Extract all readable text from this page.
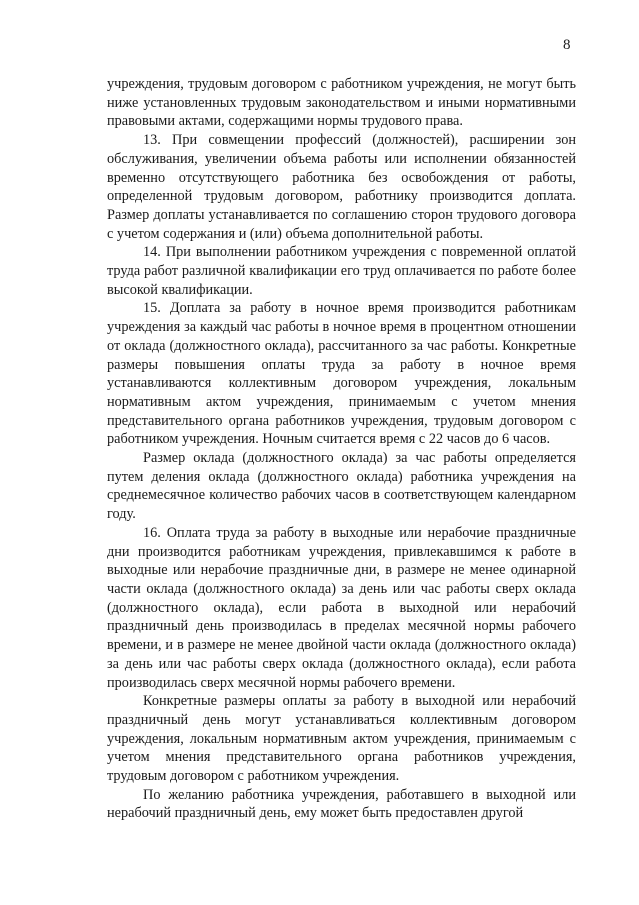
8

учреждения, трудовым договором с работником учреждения, не могут быть ниже установленных трудовым законодательством и иными нормативными правовыми актами, содержащими нормы трудового права.

13. При совмещении профессий (должностей), расширении зон обслуживания, увеличении объема работы или исполнении обязанностей временно отсутствующего работника без освобождения от работы, определенной трудовым договором, работнику производится доплата. Размер доплаты устанавливается по соглашению сторон трудового договора с учетом содержания и (или) объема дополнительной работы.

14. При выполнении работником учреждения с повременной оплатой труда работ различной квалификации его труд оплачивается по работе более высокой квалификации.

15. Доплата за работу в ночное время производится работникам учреждения за каждый час работы в ночное время в процентном отношении от оклада (должностного оклада), рассчитанного за час работы. Конкретные размеры повышения оплаты труда за работу в ночное время устанавливаются коллективным договором учреждения, локальным нормативным актом учреждения, принимаемым с учетом мнения представительного органа работников учреждения, трудовым договором с работником учреждения. Ночным считается время с 22 часов до 6 часов.

Размер оклада (должностного оклада) за час работы определяется путем деления оклада (должностного оклада) работника учреждения на среднемесячное количество рабочих часов в соответствующем календарном году.

16. Оплата труда за работу в выходные или нерабочие праздничные дни производится работникам учреждения, привлекавшимся к работе в выходные или нерабочие праздничные дни, в размере не менее одинарной части оклада (должностного оклада) за день или час работы сверх оклада (должностного оклада), если работа в выходной или нерабочий праздничный день производилась в пределах месячной нормы рабочего времени, и в размере не менее двойной части оклада (должностного оклада) за день или час работы сверх оклада (должностного оклада), если работа производилась сверх месячной нормы рабочего времени.

Конкретные размеры оплаты за работу в выходной или нерабочий праздничный день могут устанавливаться коллективным договором учреждения, локальным нормативным актом учреждения, принимаемым с учетом мнения представительного органа работников учреждения, трудовым договором с работником учреждения.

По желанию работника учреждения, работавшего в выходной или нерабочий праздничный день, ему может быть предоставлен другой
